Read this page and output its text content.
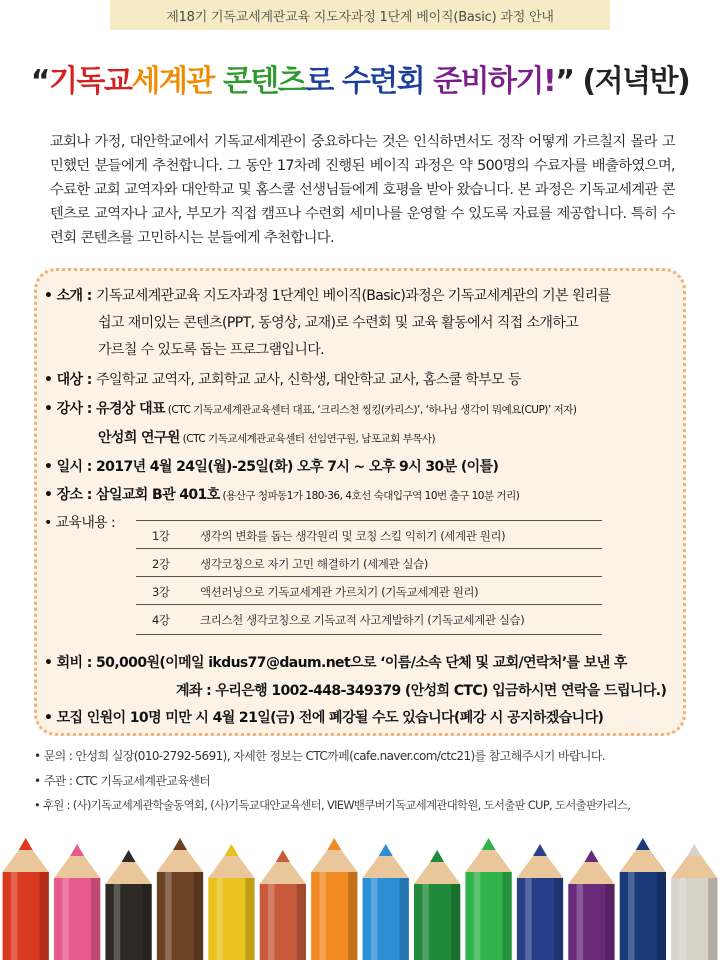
제18기 기독교세계관교육 지도자과정 1단계 베이직(Basic) 과정 안내
“기독교세계관 콘텐츠로 수련회 준비하기!” (저녁반)
교회나 가정, 대안학교에서 기독교세계관이 중요하다는 것은 인식하면서도 정작 어떻게 가르칠지 몰라 고민했던 분들에게 추천합니다. 그 동안 17차례 진행된 베이직 과정은 약 500명의 수료자를 배출하였으며, 수료한 교회 교역자와 대안학교 및 홈스쿨 선생님들에게 호평을 받아 왔습니다. 본 과정은 기독교세계관 콘텐츠로 교역자나 교사, 부모가 직접 캠프나 수련회 세미나를 운영할 수 있도록 자료를 제공합니다. 특히 수련회 콘텐츠를 고민하시는 분들에게 추천합니다.
• 소개 : 기독교세계관교육 지도자과정 1단계인 베이직(Basic)과정은 기독교세계관의 기본 원리를
쉽고 재미있는 콘텐츠(PPT, 동영상, 교재)로 수련회 및 교육 활동에서 직접 소개하고
가르칠 수 있도록 돕는 프로그램입니다.
• 대상 : 주일학교 교역자, 교회학교 교사, 신학생, 대안학교 교사, 홈스쿨 학부모 등
• 강사 : 유경상 대표 (CTC 기독교세계관교육센터 대표, ‘크리스천 씽킹(카리스)’, ‘하나님 생각이 뭐예요(CUP)’ 저자)
안성희 연구원 (CTC 기독교세계관교육센터 선임연구원, 남포교회 부목사)
• 일시 : 2017년 4월 24일(월)-25일(화) 오후 7시 ~ 오후 9시 30분 (이틀)
• 장소 : 삼일교회 B관 401호 (용산구 청파동1가 180-36, 4호선 숙대입구역 10번 출구 10분 거리)
• 교육내용 :
1강	생각의 변화를 돕는 생각원리 및 코칭 스킬 익히기 (세계관 원리)
2강	생각코칭으로 자기 고민 해결하기 (세계관 실습)
3강	액션러닝으로 기독교세계관 가르치기 (기독교세계관 원리)
4강	크리스천 생각코칭으로 기독교적 사고계발하기 (기독교세계관 실습)
• 회비 : 50,000원(이메일 ikdus77@daum.net으로 ‘이름/소속 단체 및 교회/연락처’를 보낸 후
계좌 : 우리은행 1002-448-349379 (안성희 CTC) 입금하시면 연락을 드립니다.)
• 모집 인원이 10명 미만 시 4월 21일(금) 전에 폐강될 수도 있습니다(폐강 시 공지하겠습니다)
• 문의 : 안성희 실장(010-2792-5691), 자세한 정보는 CTC까페(cafe.naver.com/ctc21)를 참고해주시기 바랍니다.
• 주관 : CTC 기독교세계관교육센터
• 후원 : (사)기독교세계관학술동역회, (사)기독교대안교육센터, VIEW밴쿠버기독교세계관대학원, 도서출판 CUP, 도서출판카리스,
